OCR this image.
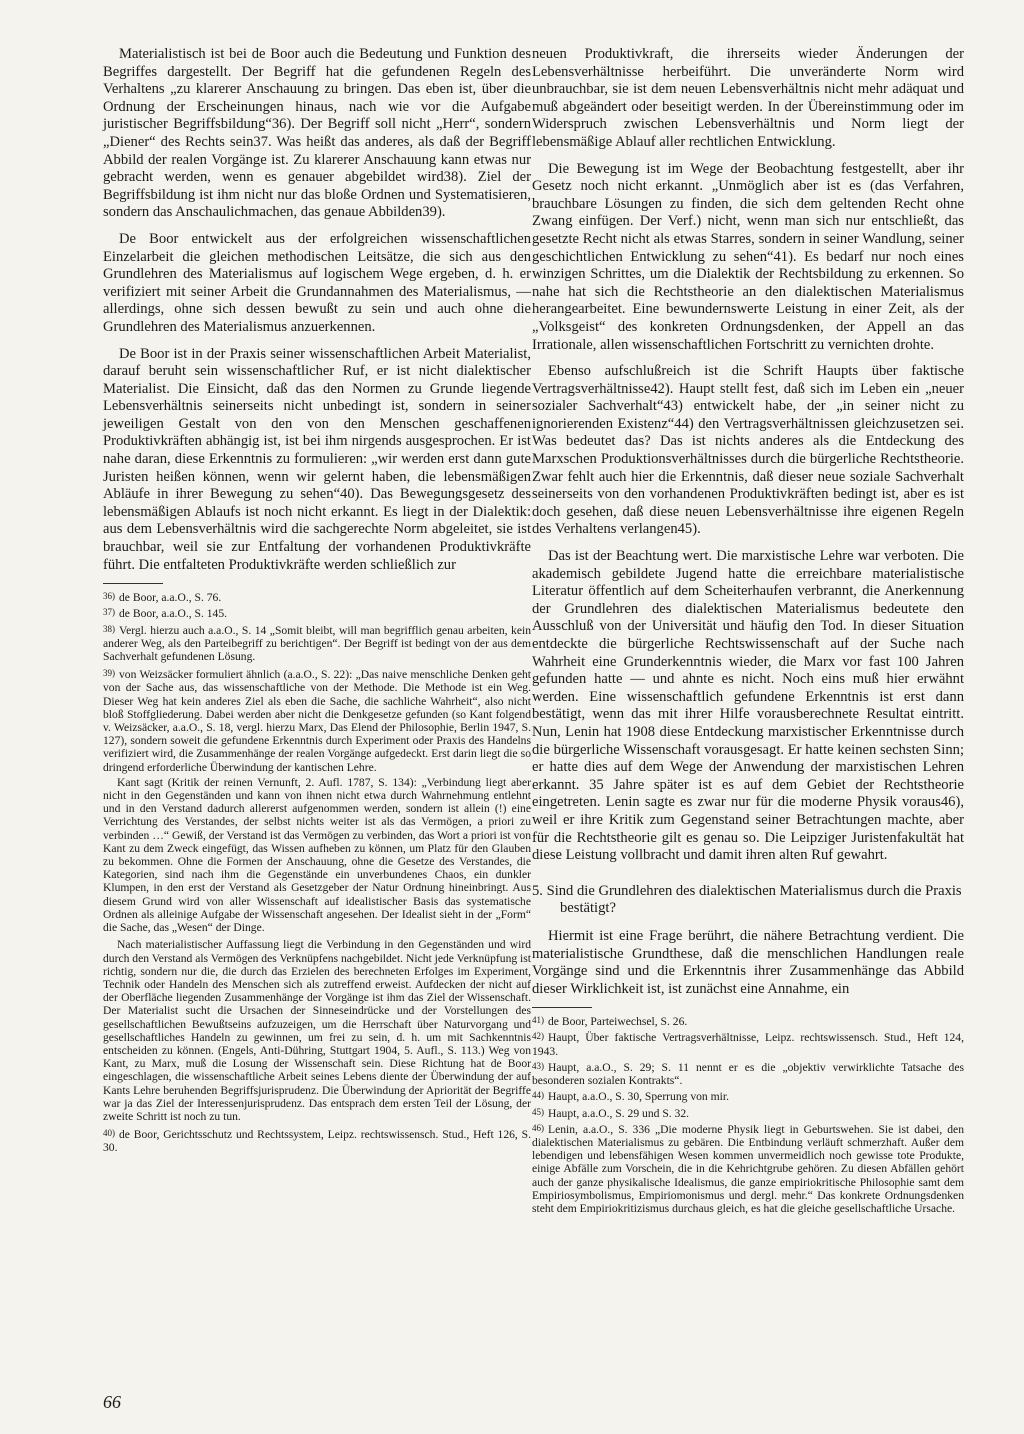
Materialistisch ist bei de Boor auch die Bedeutung und Funktion des Begriffes dargestellt. Der Begriff hat die gefundenen Regeln des Verhaltens „zu klarerer Anschauung zu bringen. Das eben ist, über die Ordnung der Erscheinungen hinaus, nach wie vor die Aufgabe juristischer Begriffsbildung“36). Der Begriff soll nicht „Herr“, sondern „Diener“ des Rechts sein37. Was heißt das anderes, als daß der Begriff Abbild der realen Vorgänge ist. Zu klarerer Anschauung kann etwas nur gebracht werden, wenn es genauer abgebildet wird38). Ziel der Begriffsbildung ist ihm nicht nur das bloße Ordnen und Systematisieren, sondern das Anschaulichmachen, das genaue Abbilden39).

De Boor entwickelt aus der erfolgreichen wissenschaftlichen Einzelarbeit die gleichen methodischen Leitsätze, die sich aus den Grundlehren des Materialismus auf logischem Wege ergeben, d. h. er verifiziert mit seiner Arbeit die Grundannahmen des Materialismus, — allerdings, ohne sich dessen bewußt zu sein und auch ohne die Grundlehren des Materialismus anzuerkennen.

De Boor ist in der Praxis seiner wissenschaftlichen Arbeit Materialist, darauf beruht sein wissenschaftlicher Ruf, er ist nicht dialektischer Materialist. Die Einsicht, daß das den Normen zu Grunde liegende Lebensverhältnis seinerseits nicht unbedingt ist, sondern in seiner jeweiligen Gestalt von den von den Menschen geschaffenen Produktivkräften abhängig ist, ist bei ihm nirgends ausgesprochen. Er ist nahe daran, diese Erkenntnis zu formulieren: „wir werden erst dann gute Juristen heißen können, wenn wir gelernt haben, die lebensmäßigen Abläufe in ihrer Bewegung zu sehen“40). Das Bewegungsgesetz des lebensmäßigen Ablaufs ist noch nicht erkannt. Es liegt in der Dialektik: aus dem Lebensverhältnis wird die sachgerechte Norm abgeleitet, sie ist brauchbar, weil sie zur Entfaltung der vorhandenen Produktivkräfte führt. Die entfalteten Produktivkräfte werden schließlich zur

36) de Boor, a.a.O., S. 76.
37) de Boor, a.a.O., S. 145.
38) Vergl. hierzu auch a.a.O., S. 14 „Somit bleibt, will man begrifflich genau arbeiten, kein anderer Weg, als den Parteibegriff zu berichtigen“. Der Begriff ist bedingt von der aus dem Sachverhalt gefundenen Lösung.
39) von Weizsäcker formuliert ähnlich (a.a.O., S. 22): „Das naive menschliche Denken geht von der Sache aus, das wissenschaftliche von der Methode. Die Methode ist ein Weg. Dieser Weg hat kein anderes Ziel als eben die Sache, die sachliche Wahrheit“, also nicht bloß Stoffgliederung. Dabei werden aber nicht die Denkgesetze gefunden (so Kant folgend v. Weizsäcker, a.a.O., S. 18, vergl. hierzu Marx, Das Elend der Philosophie, Berlin 1947, S. 127), sondern soweit die gefundene Erkenntnis durch Experiment oder Praxis des Handelns verifiziert wird, die Zusammenhänge der realen Vorgänge aufgedeckt. Erst darin liegt die so dringend erforderliche Überwindung der kantischen Lehre.

Kant sagt (Kritik der reinen Vernunft, 2. Aufl. 1787, S. 134): „Verbindung liegt aber nicht in den Gegenständen und kann von ihnen nicht etwa durch Wahrnehmung entlehnt und in den Verstand dadurch allererst aufgenommen werden, sondern ist allein (!) eine Verrichtung des Verstandes, der selbst nichts weiter ist als das Vermögen, a priori zu verbinden …“ Gewiß, der Verstand ist das Vermögen zu verbinden, das Wort a priori ist von Kant zu dem Zweck eingefügt, das Wissen aufheben zu können, um Platz für den Glauben zu bekommen. Ohne die Formen der Anschauung, ohne die Gesetze des Verstandes, die Kategorien, sind nach ihm die Gegenstände ein unverbundenes Chaos, ein dunkler Klumpen, in den erst der Verstand als Gesetzgeber der Natur Ordnung hineinbringt. Aus diesem Grund wird von aller Wissenschaft auf idealistischer Basis das systematische Ordnen als alleinige Aufgabe der Wissenschaft angesehen. Der Idealist sieht in der „Form“ die Sache, das „Wesen“ der Dinge.

Nach materialistischer Auffassung liegt die Verbindung in den Gegenständen und wird durch den Verstand als Vermögen des Verknüpfens nachgebildet. Nicht jede Verknüpfung ist richtig, sondern nur die, die durch das Erzielen des berechneten Erfolges im Experiment, Technik oder Handeln des Menschen sich als zutreffend erweist. Aufdecken der nicht auf der Oberfläche liegenden Zusammenhänge der Vorgänge ist ihm das Ziel der Wissenschaft. Der Materialist sucht die Ursachen der Sinneseindrücke und der Vorstellungen des gesellschaftlichen Bewußtseins aufzuzeigen, um die Herrschaft über Naturvorgang und gesellschaftliches Handeln zu gewinnen, um frei zu sein, d. h. um mit Sachkenntnis entscheiden zu können. (Engels, Anti-Dühring, Stuttgart 1904, 5. Aufl., S. 113.) Weg von Kant, zu Marx, muß die Losung der Wissenschaft sein. Diese Richtung hat de Boor eingeschlagen, die wissenschaftliche Arbeit seines Lebens diente der Überwindung der auf Kants Lehre beruhenden Begriffsjurisprudenz. Die Überwindung der Apriorität der Begriffe war ja das Ziel der Interessenjurisprudenz. Das entsprach dem ersten Teil der Lösung, der zweite Schritt ist noch zu tun.

40) de Boor, Gerichtsschutz und Rechtssystem, Leipz. rechtswissensch. Stud., Heft 126, S. 30.

neuen Produktivkraft, die ihrerseits wieder Änderungen der Lebensverhältnisse herbeiführt. Die unveränderte Norm wird unbrauchbar, sie ist dem neuen Lebensverhältnis nicht mehr adäquat und muß abgeändert oder beseitigt werden. In der Übereinstimmung oder im Widerspruch zwischen Lebensverhältnis und Norm liegt der lebensmäßige Ablauf aller rechtlichen Entwicklung.

Die Bewegung ist im Wege der Beobachtung festgestellt, aber ihr Gesetz noch nicht erkannt. „Unmöglich aber ist es (das Verfahren, brauchbare Lösungen zu finden, die sich dem geltenden Recht ohne Zwang einfügen. Der Verf.) nicht, wenn man sich nur entschließt, das gesetzte Recht nicht als etwas Starres, sondern in seiner Wandlung, seiner geschichtlichen Entwicklung zu sehen“41). Es bedarf nur noch eines winzigen Schrittes, um die Dialektik der Rechtsbildung zu erkennen. So nahe hat sich die Rechtstheorie an den dialektischen Materialismus herangearbeitet. Eine bewundernswerte Leistung in einer Zeit, als der „Volksgeist“ des konkreten Ordnungsdenken, der Appell an das Irrationale, allen wissenschaftlichen Fortschritt zu vernichten drohte.

Ebenso aufschlußreich ist die Schrift Haupts über faktische Vertragsverhältnisse42). Haupt stellt fest, daß sich im Leben ein „neuer sozialer Sachverhalt“43) entwickelt habe, der „in seiner nicht zu ignorierenden Existenz“44) den Vertragsverhältnissen gleichzusetzen sei. Was bedeutet das? Das ist nichts anderes als die Entdeckung des Marxschen Produktionsverhältnisses durch die bürgerliche Rechtstheorie. Zwar fehlt auch hier die Erkenntnis, daß dieser neue soziale Sachverhalt seinerseits von den vorhandenen Produktivkräften bedingt ist, aber es ist doch gesehen, daß diese neuen Lebensverhältnisse ihre eigenen Regeln des Verhaltens verlangen45).

Das ist der Beachtung wert. Die marxistische Lehre war verboten. Die akademisch gebildete Jugend hatte die erreichbare materialistische Literatur öffentlich auf dem Scheiterhaufen verbrannt, die Anerkennung der Grundlehren des dialektischen Materialismus bedeutete den Ausschluß von der Universität und häufig den Tod. In dieser Situation entdeckte die bürgerliche Rechtswissenschaft auf der Suche nach Wahrheit eine Grunderkenntnis wieder, die Marx vor fast 100 Jahren gefunden hatte — und ahnte es nicht. Noch eins muß hier erwähnt werden. Eine wissenschaftlich gefundene Erkenntnis ist erst dann bestätigt, wenn das mit ihrer Hilfe vorausberechnete Resultat eintritt. Nun, Lenin hat 1908 diese Entdeckung marxistischer Erkenntnisse durch die bürgerliche Wissenschaft vorausgesagt. Er hatte keinen sechsten Sinn; er hatte dies auf dem Wege der Anwendung der marxistischen Lehren erkannt. 35 Jahre später ist es auf dem Gebiet der Rechtstheorie eingetreten. Lenin sagte es zwar nur für die moderne Physik voraus46), weil er ihre Kritik zum Gegenstand seiner Betrachtungen machte, aber für die Rechtstheorie gilt es genau so. Die Leipziger Juristenfakultät hat diese Leistung vollbracht und damit ihren alten Ruf gewahrt.

5. Sind die Grundlehren des dialektischen Materialismus durch die Praxis bestätigt?

Hiermit ist eine Frage berührt, die nähere Betrachtung verdient. Die materialistische Grundthese, daß die menschlichen Handlungen reale Vorgänge sind und die Erkenntnis ihrer Zusammenhänge das Abbild dieser Wirklichkeit ist, ist zunächst eine Annahme, ein

41) de Boor, Parteiwechsel, S. 26.
42) Haupt, Über faktische Vertragsverhältnisse, Leipz. rechtswissensch. Stud., Heft 124, 1943.
43) Haupt, a.a.O., S. 29; S. 11 nennt er es die „objektiv verwirklichte Tatsache des besonderen sozialen Kontrakts“.
44) Haupt, a.a.O., S. 30, Sperrung von mir.
45) Haupt, a.a.O., S. 29 und S. 32.
46) Lenin, a.a.O., S. 336 „Die moderne Physik liegt in Geburtswehen. Sie ist dabei, den dialektischen Materialismus zu gebären. Die Entbindung verläuft schmerzhaft. Außer dem lebendigen und lebensfähigen Wesen kommen unvermeidlich noch gewisse tote Produkte, einige Abfälle zum Vorschein, die in die Kehrichtgrube gehören. Zu diesen Abfällen gehört auch der ganze physikalische Idealismus, die ganze empiriokritische Philosophie samt dem Empiriosymbolismus, Empiriomonismus und dergl. mehr.“ Das konkrete Ordnungsdenken steht dem Empiriokritizismus durchaus gleich, es hat die gleiche gesellschaftliche Ursache.
66
